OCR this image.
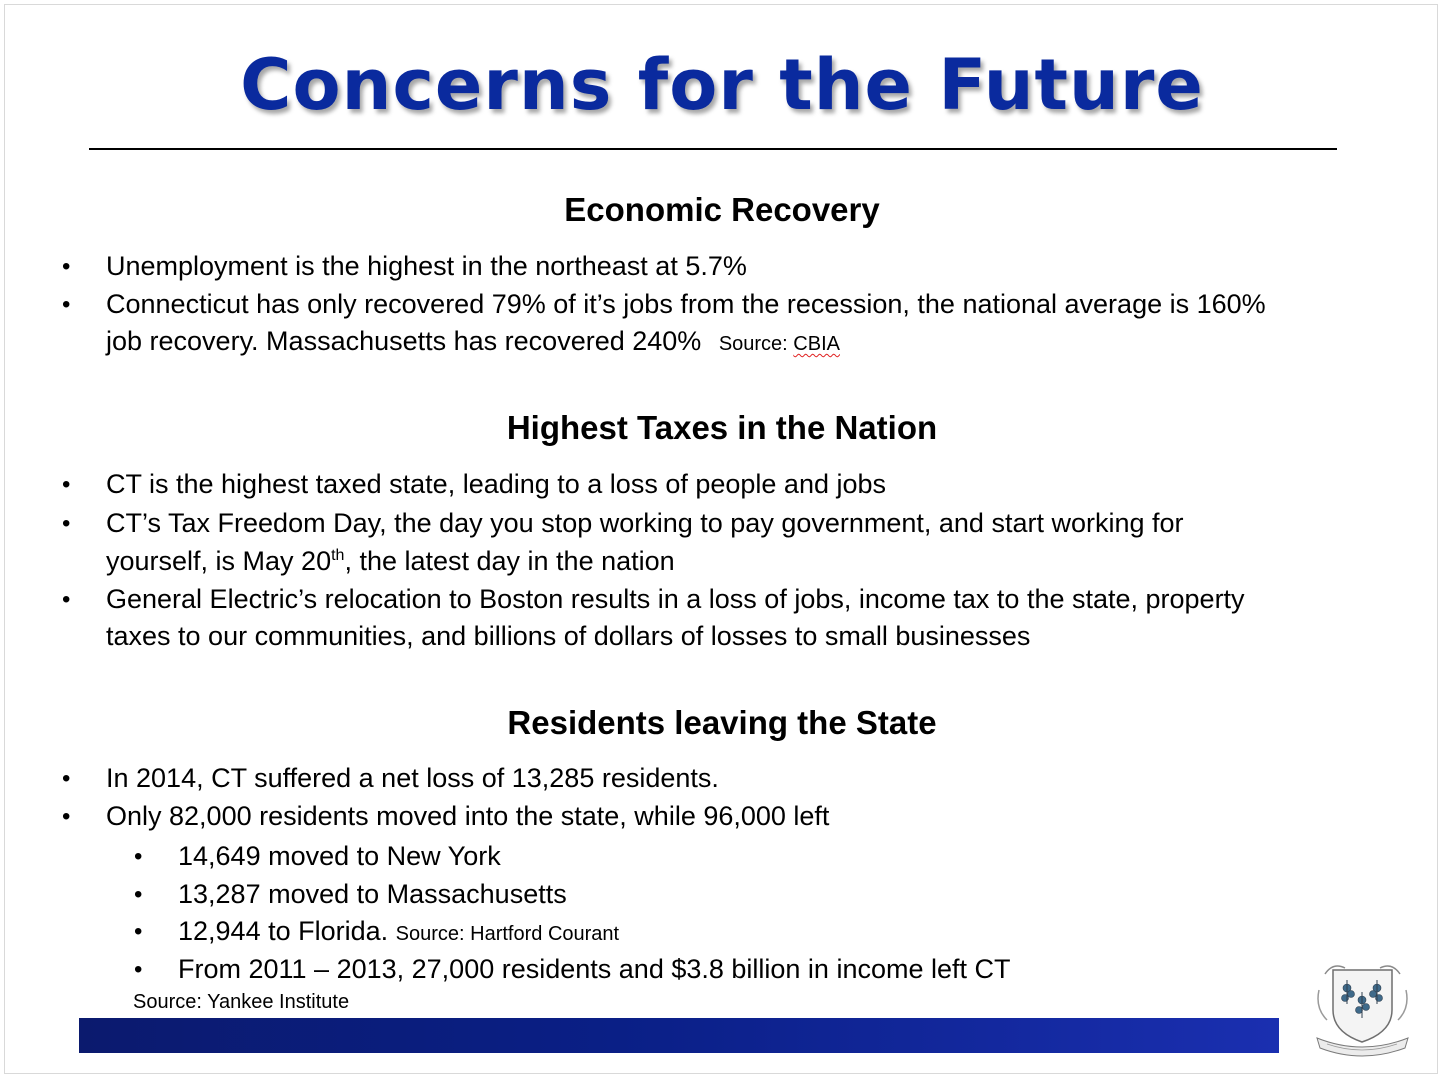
Concerns for the Future
Economic Recovery
• Unemployment is the highest in the northeast at 5.7%
• Connecticut has only recovered 79% of it’s jobs from the recession, the national average is 160%
job recovery. Massachusetts has recovered 240% Source: CBIA
Highest Taxes in the Nation
• CT is the highest taxed state, leading to a loss of people and jobs
• CT’s Tax Freedom Day, the day you stop working to pay government, and start working for
yourself, is May 20th, the latest day in the nation
• General Electric’s relocation to Boston results in a loss of jobs, income tax to the state, property
taxes to our communities, and billions of dollars of losses to small businesses
Residents leaving the State
• In 2014, CT suffered a net loss of 13,285 residents.
• Only 82,000 residents moved into the state, while 96,000 left
• 14,649 moved to New York
• 13,287 moved to Massachusetts
• 12,944 to Florida. Source: Hartford Courant
• From 2011 – 2013, 27,000 residents and $3.8 billion in income left CT
Source: Yankee Institute
